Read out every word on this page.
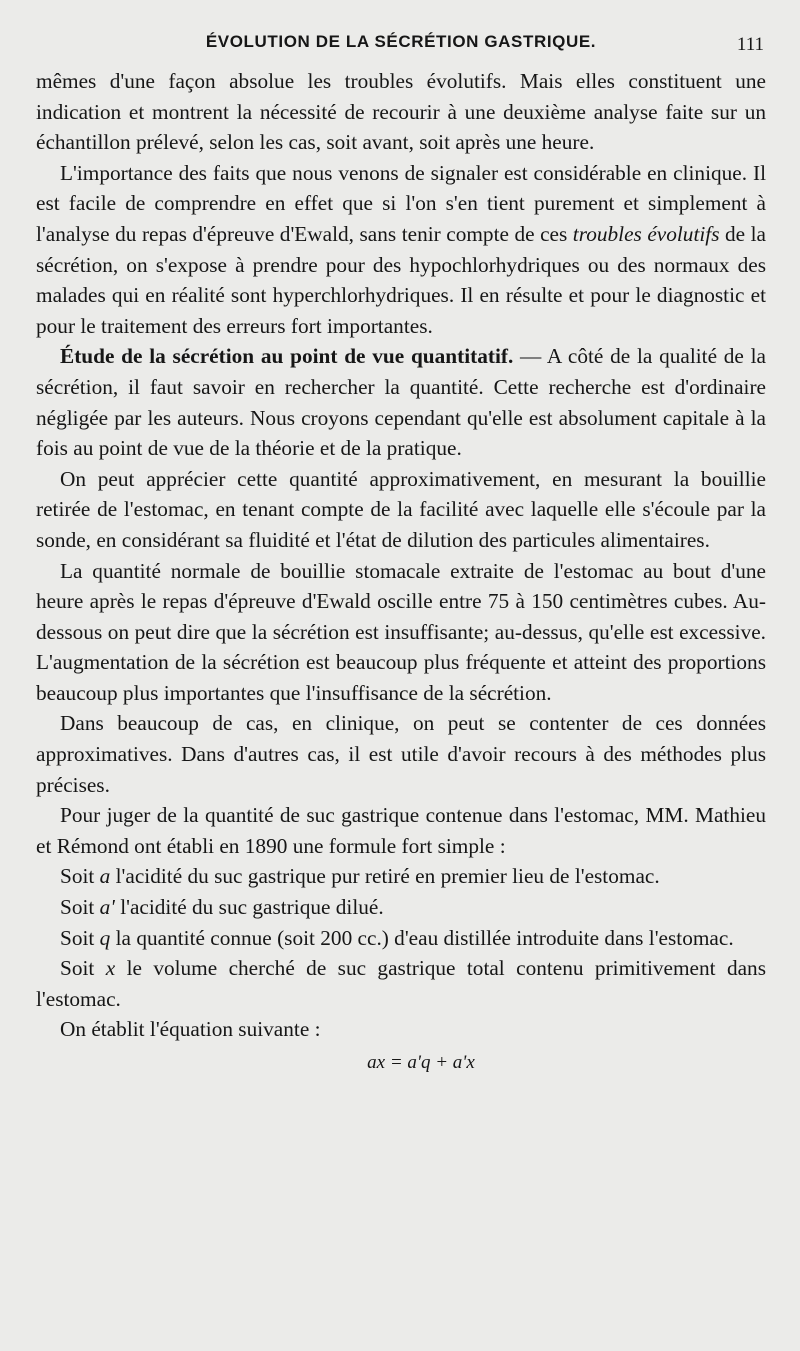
ÉVOLUTION DE LA SÉCRÉTION GASTRIQUE.	111

mêmes d'une façon absolue les troubles évolutifs. Mais elles constituent une indication et montrent la nécessité de recourir à une deuxième analyse faite sur un échantillon prélevé, selon les cas, soit avant, soit après une heure.

L'importance des faits que nous venons de signaler est considérable en clinique. Il est facile de comprendre en effet que si l'on s'en tient purement et simplement à l'analyse du repas d'épreuve d'Ewald, sans tenir compte de ces troubles évolutifs de la sécrétion, on s'expose à prendre pour des hypochlorhydriques ou des normaux des malades qui en réalité sont hyperchlorhydriques. Il en résulte et pour le diagnostic et pour le traitement des erreurs fort importantes.

Étude de la sécrétion au point de vue quantitatif. — A côté de la qualité de la sécrétion, il faut savoir en rechercher la quantité. Cette recherche est d'ordinaire négligée par les auteurs. Nous croyons cependant qu'elle est absolument capitale à la fois au point de vue de la théorie et de la pratique.

On peut apprécier cette quantité approximativement, en mesurant la bouillie retirée de l'estomac, en tenant compte de la facilité avec laquelle elle s'écoule par la sonde, en considérant sa fluidité et l'état de dilution des particules alimentaires.

La quantité normale de bouillie stomacale extraite de l'estomac au bout d'une heure après le repas d'épreuve d'Ewald oscille entre 75 à 150 centimètres cubes. Au-dessous on peut dire que la sécrétion est insuffisante; au-dessus, qu'elle est excessive. L'augmentation de la sécrétion est beaucoup plus fréquente et atteint des proportions beaucoup plus importantes que l'insuffisance de la sécrétion.

Dans beaucoup de cas, en clinique, on peut se contenter de ces données approximatives. Dans d'autres cas, il est utile d'avoir recours à des méthodes plus précises.

Pour juger de la quantité de suc gastrique contenue dans l'estomac, MM. Mathieu et Rémond ont établi en 1890 une formule fort simple :

Soit a l'acidité du suc gastrique pur retiré en premier lieu de l'estomac.

Soit a' l'acidité du suc gastrique dilué.

Soit q la quantité connue (soit 200 cc.) d'eau distillée introduite dans l'estomac.

Soit x le volume cherché de suc gastrique total contenu primitivement dans l'estomac.

On établit l'équation suivante :

ax = a'q + a'x
